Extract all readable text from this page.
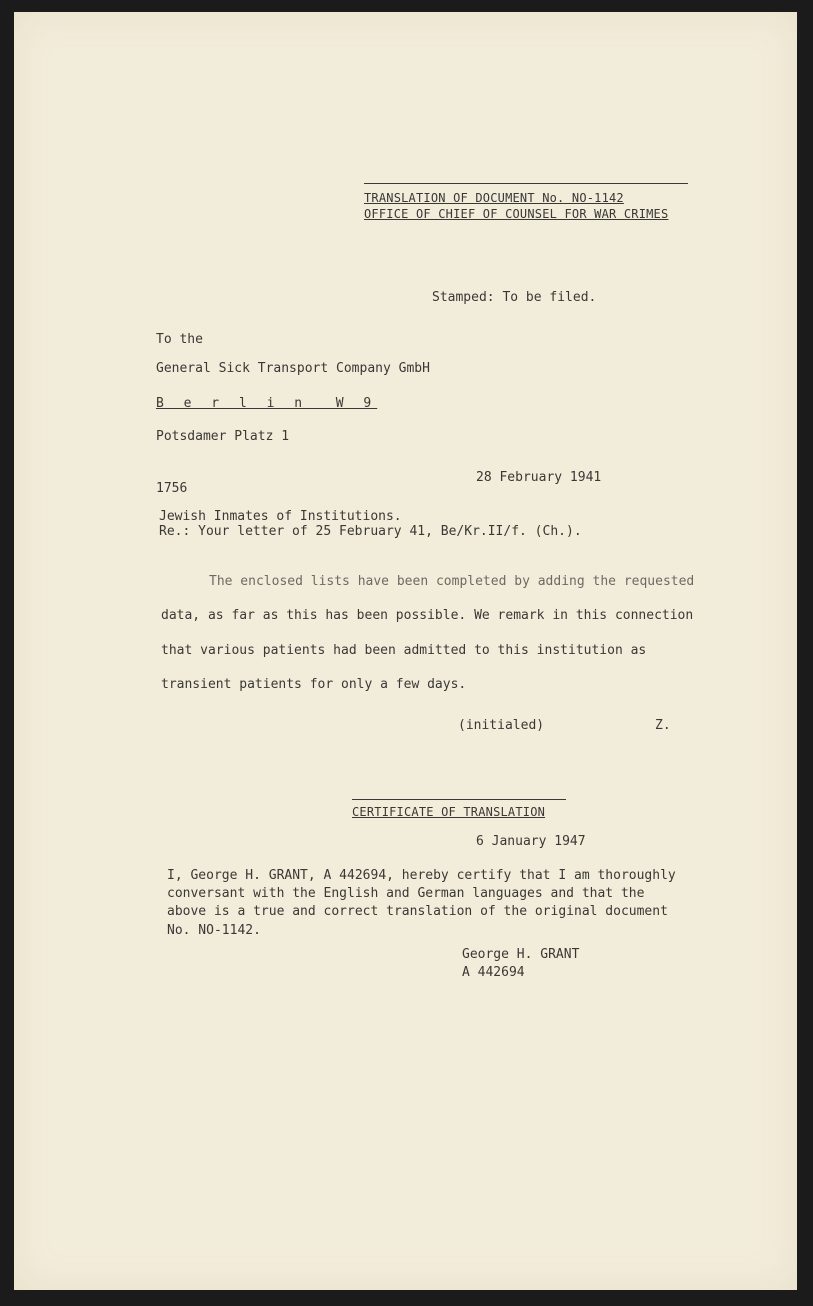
TRANSLATION OF DOCUMENT No. NO-1142

OFFICE OF CHIEF OF COUNSEL FOR WAR CRIMES

Stamped: To be filed.

To the

General Sick Transport Company GmbH

B e r l i n  W 9

Potsdamer Platz 1

1756

28 February 1941

Jewish Inmates of Institutions.

Re.: Your letter of 25 February 41, Be/Kr.II/f. (Ch.).

The enclosed lists have been completed by adding the requested

data, as far as this has been possible. We remark in this connection

that various patients had been admitted to this institution as

transient patients for only a few days.

(initialed)	Z.

CERTIFICATE OF TRANSLATION

6 January 1947

I, George H. GRANT, A 442694, hereby certify that I am thoroughly

conversant with the English and German languages and that the

above is a true and correct translation of the original document

No. NO-1142.

George H. GRANT

A 442694
